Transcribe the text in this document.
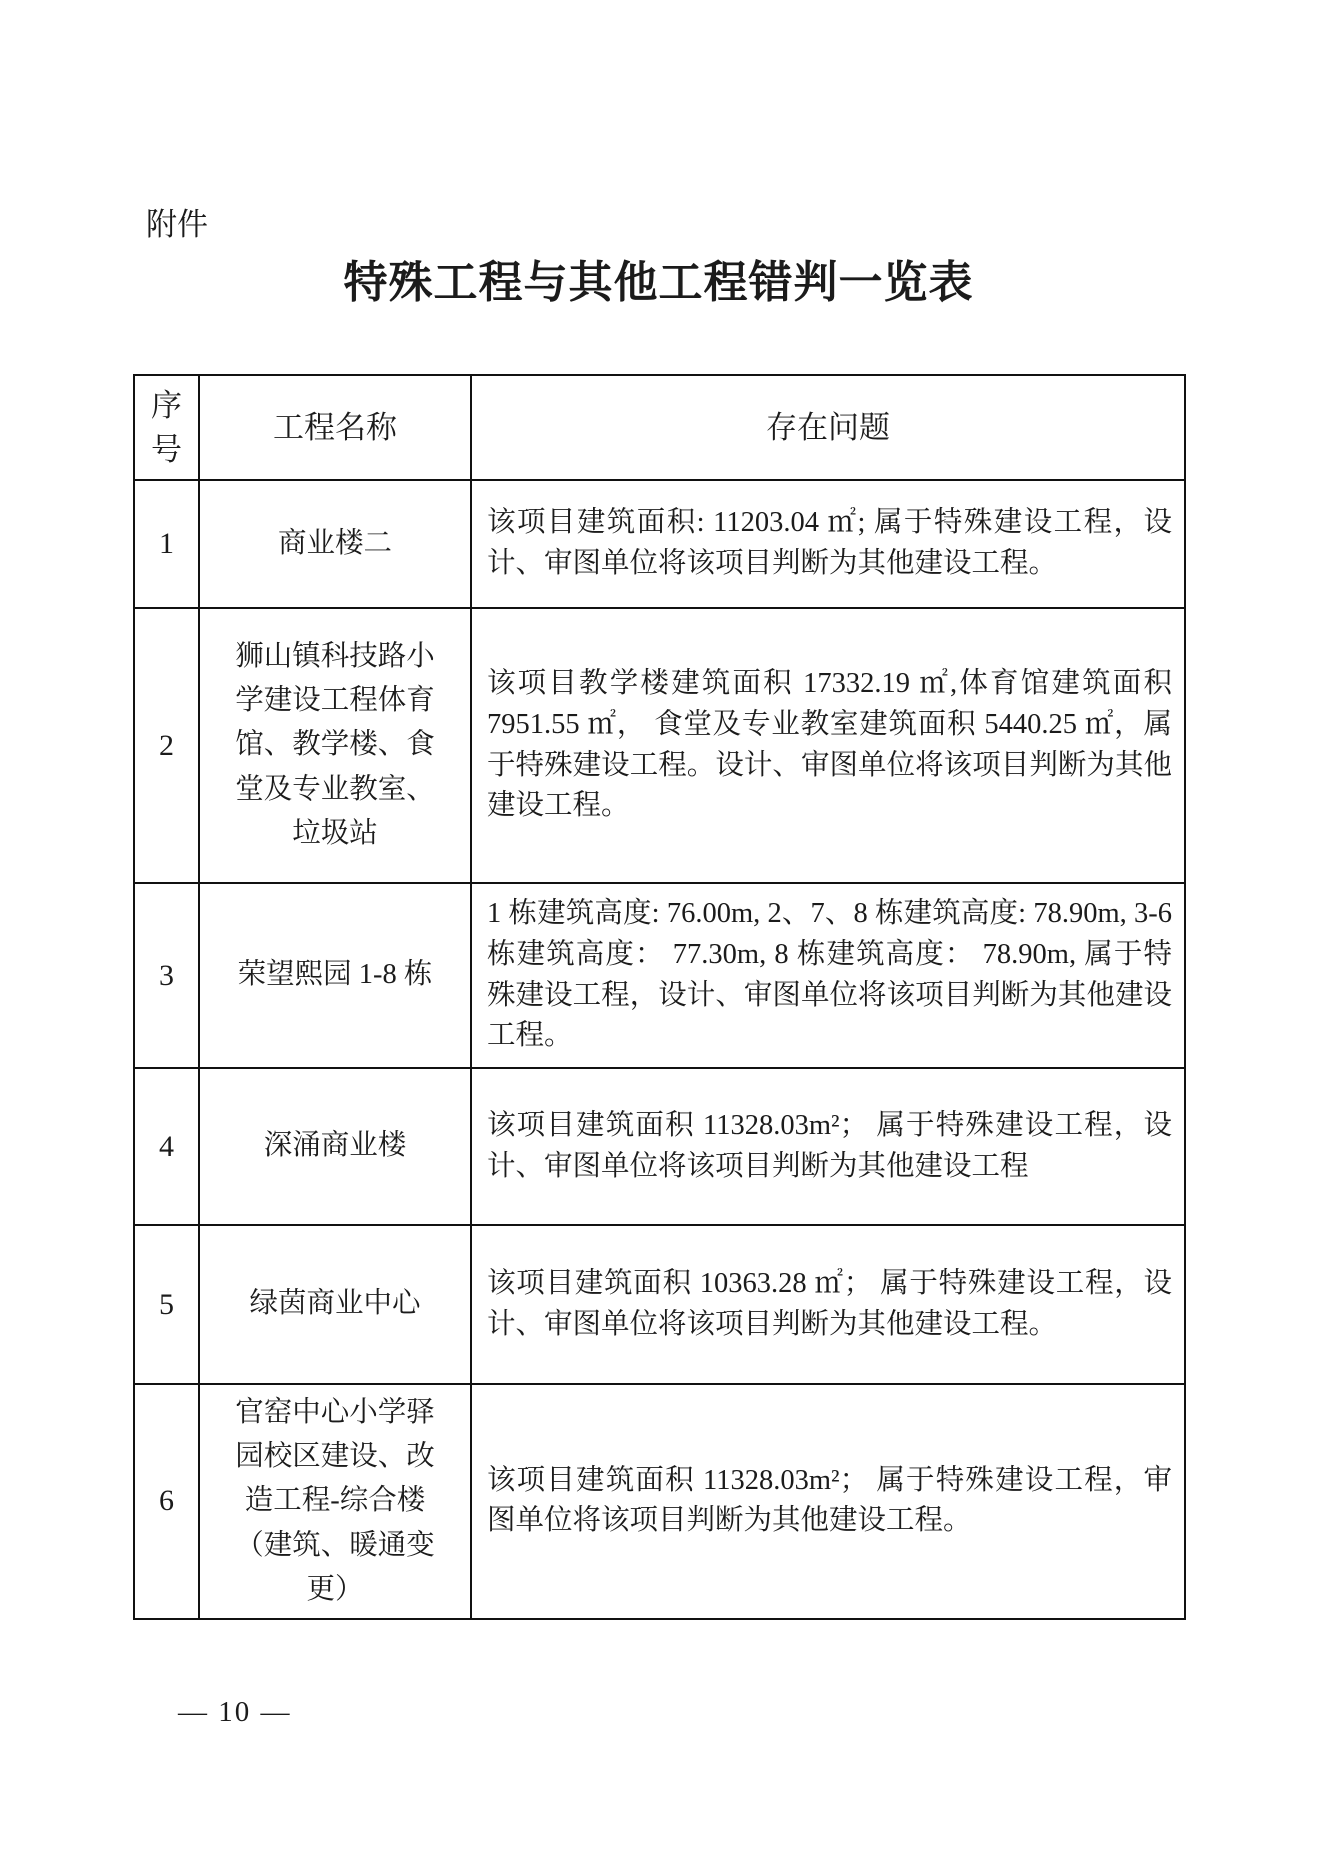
附件
特殊工程与其他工程错判一览表
序号	工程名称	存在问题
1	商业楼二	该项目建筑面积: 11203.04 ㎡; 属于特殊建设工程，设计、审图单位将该项目判断为其他建设工程。
2	狮山镇科技路小学建设工程体育馆、教学楼、食堂及专业教室、垃圾站	该项目教学楼建筑面积 17332.19 ㎡,体育馆建筑面积 7951.55 ㎡， 食堂及专业教室建筑面积 5440.25 ㎡，属于特殊建设工程。设计、审图单位将该项目判断为其他建设工程。
3	荣望熙园 1-8 栋	1 栋建筑高度: 76.00m, 2、7、8 栋建筑高度: 78.90m, 3-6 栋建筑高度： 77.30m, 8 栋建筑高度： 78.90m, 属于特殊建设工程，设计、审图单位将该项目判断为其他建设工程。
4	深涌商业楼	该项目建筑面积 11328.03m²； 属于特殊建设工程，设计、审图单位将该项目判断为其他建设工程
5	绿茵商业中心	该项目建筑面积 10363.28 ㎡； 属于特殊建设工程，设计、审图单位将该项目判断为其他建设工程。
6	官窑中心小学驿园校区建设、改造工程-综合楼（建筑、暖通变更）	该项目建筑面积 11328.03m²； 属于特殊建设工程，审图单位将该项目判断为其他建设工程。
— 10 —
